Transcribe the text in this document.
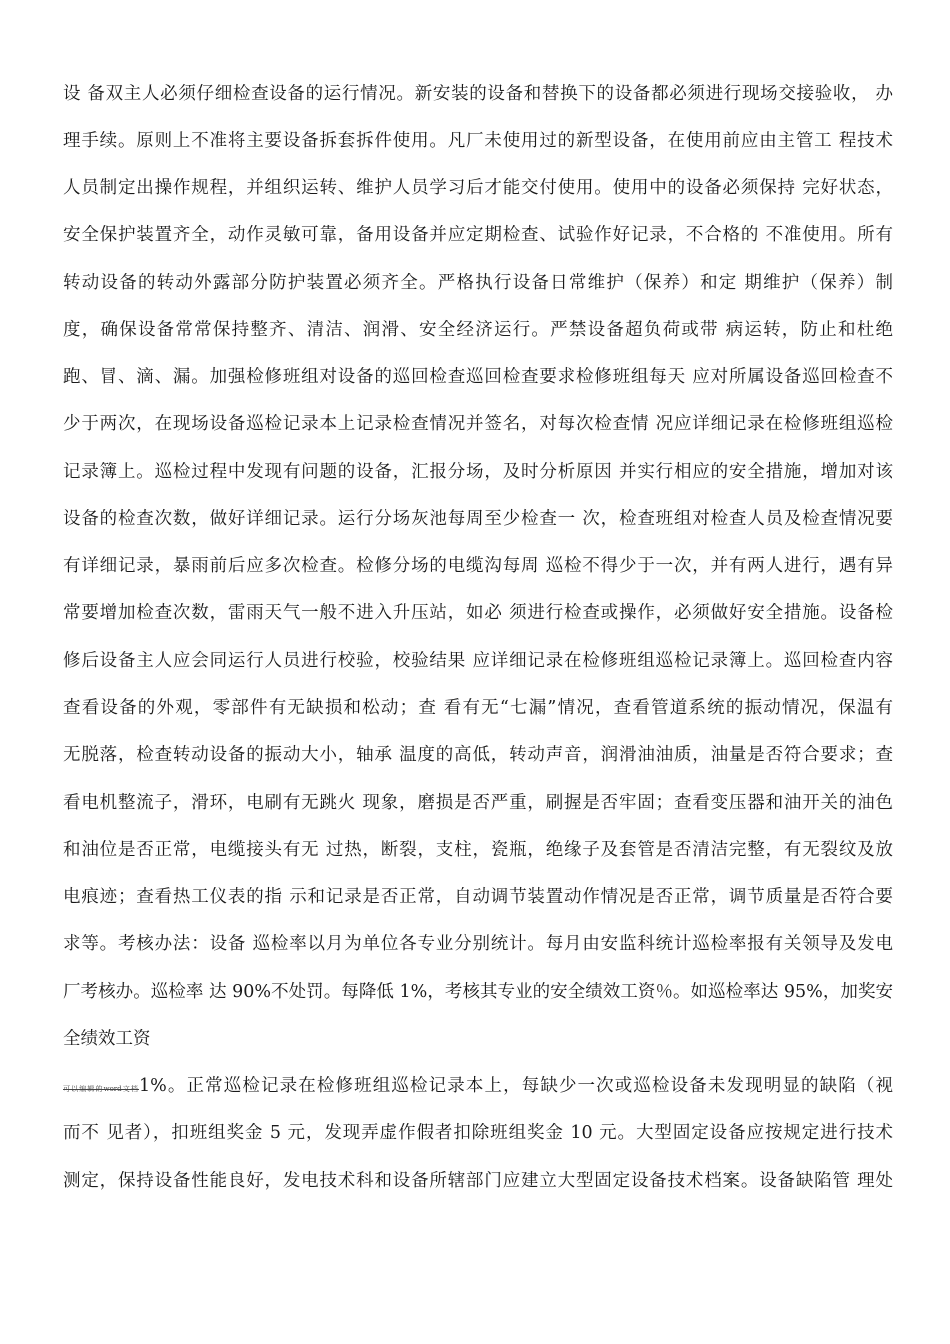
设 备双主人必须仔细检查设备的运行情况。新安装的设备和替换下的设备都必须进行现场交接验收， 办
理手续。原则上不准将主要设备拆套拆件使用。凡厂未使用过的新型设备，在使用前应由主管工 程技术
人员制定出操作规程，并组织运转、维护人员学习后才能交付使用。使用中的设备必须保持 完好状态，
安全保护装置齐全，动作灵敏可靠，备用设备并应定期检查、试验作好记录，不合格的 不准使用。所有
转动设备的转动外露部分防护装置必须齐全。严格执行设备日常维护（保养）和定 期维护（保养）制
度，确保设备常常保持整齐、清洁、润滑、安全经济运行。严禁设备超负荷或带 病运转，防止和杜绝
跑、冒、滴、漏。加强检修班组对设备的巡回检查巡回检查要求检修班组每天 应对所属设备巡回检查不
少于两次，在现场设备巡检记录本上记录检查情况并签名，对每次检查情 况应详细记录在检修班组巡检
记录簿上。巡检过程中发现有问题的设备，汇报分场，及时分析原因 并实行相应的安全措施，增加对该
设备的检查次数，做好详细记录。运行分场灰池每周至少检查一 次，检查班组对检查人员及检查情况要
有详细记录，暴雨前后应多次检查。检修分场的电缆沟每周 巡检不得少于一次，并有两人进行，遇有异
常要增加检查次数，雷雨天气一般不进入升压站，如必 须进行检查或操作，必须做好安全措施。设备检
修后设备主人应会同运行人员进行校验，校验结果 应详细记录在检修班组巡检记录簿上。巡回检查内容
查看设备的外观，零部件有无缺损和松动；查 看有无“七漏”情况，查看管道系统的振动情况，保温有
无脱落，检查转动设备的振动大小，轴承 温度的高低，转动声音，润滑油油质，油量是否符合要求；查
看电机整流子，滑环，电刷有无跳火 现象，磨损是否严重，刷握是否牢固；查看变压器和油开关的油色
和油位是否正常，电缆接头有无 过热，断裂，支柱，瓷瓶，绝缘子及套管是否清洁完整，有无裂纹及放
电痕迹；查看热工仪表的指 示和记录是否正常，自动调节装置动作情况是否正常，调节质量是否符合要
求等。考核办法：设备 巡检率以月为单位各专业分别统计。每月由安监科统计巡检率报有关领导及发电
厂考核办。巡检率 达 90%不处罚。每降低 1%，考核其专业的安全绩效工资％。如巡检率达 95%，加奖安
全绩效工资
可以编辑的word文档1%。正常巡检记录在检修班组巡检记录本上，每缺少一次或巡检设备未发现明显的缺陷（视
而不 见者），扣班组奖金 5 元，发现弄虚作假者扣除班组奖金 10 元。大型固定设备应按规定进行技术
测定，保持设备性能良好，发电技术科和设备所辖部门应建立大型固定设备技术档案。设备缺陷管 理处
